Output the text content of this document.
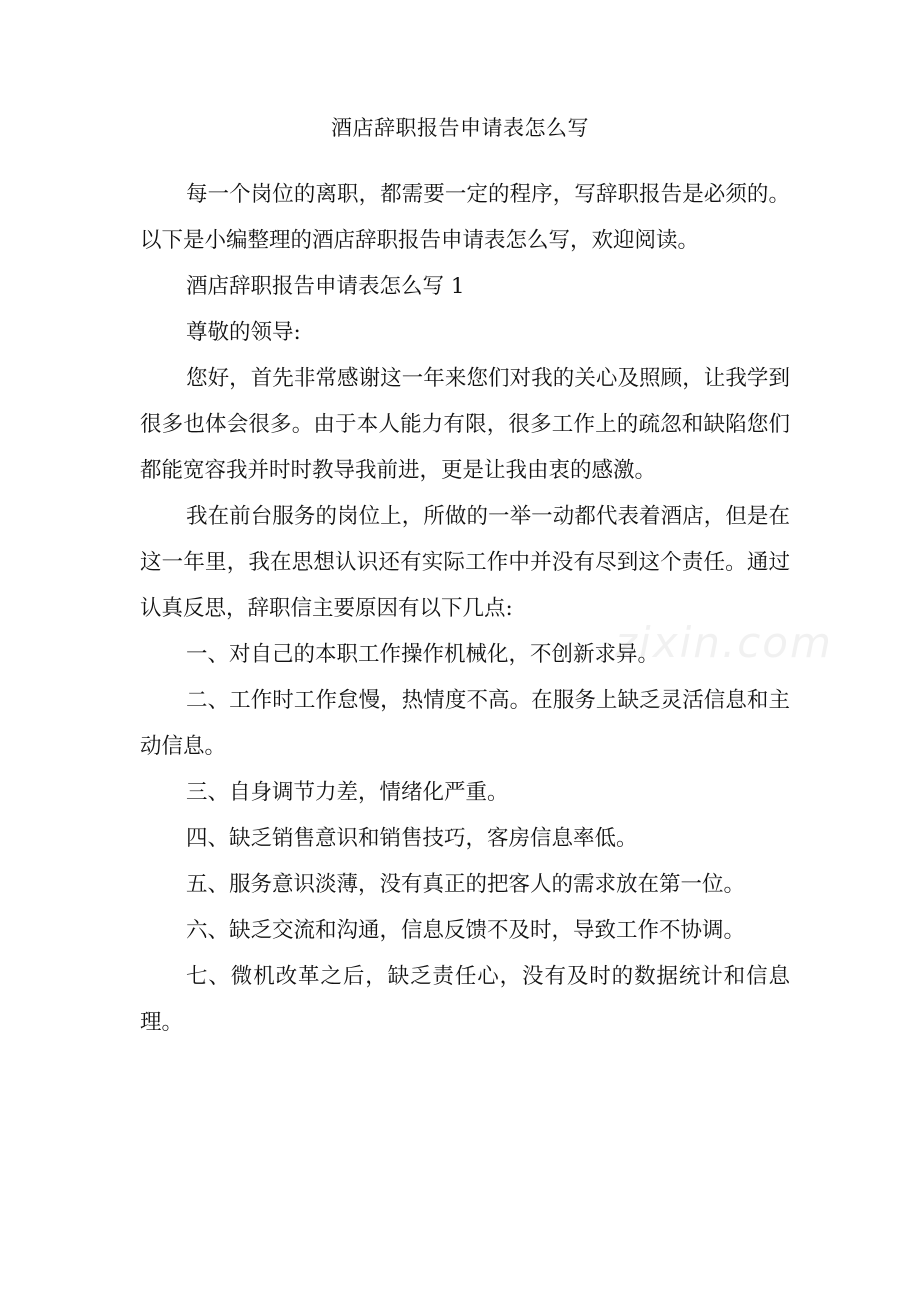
酒店辞职报告申请表怎么写
zixin.com

每一个岗位的离职，都需要一定的程序，写辞职报告是必须的。以下是小编整理的酒店辞职报告申请表怎么写，欢迎阅读。

酒店辞职报告申请表怎么写 1

尊敬的领导:

您好，首先非常感谢这一年来您们对我的关心及照顾，让我学到很多也体会很多。由于本人能力有限，很多工作上的疏忽和缺陷您们都能宽容我并时时教导我前进，更是让我由衷的感激。

我在前台服务的岗位上，所做的一举一动都代表着酒店，但是在这一年里，我在思想认识还有实际工作中并没有尽到这个责任。通过认真反思，辞职信主要原因有以下几点:

一、对自己的本职工作操作机械化，不创新求异。

二、工作时工作怠慢，热情度不高。在服务上缺乏灵活信息和主动信息。

三、自身调节力差，情绪化严重。

四、缺乏销售意识和销售技巧，客房信息率低。

五、服务意识淡薄，没有真正的把客人的需求放在第一位。

六、缺乏交流和沟通，信息反馈不及时，导致工作不协调。

七、微机改革之后，缺乏责任心，没有及时的数据统计和信息理。
